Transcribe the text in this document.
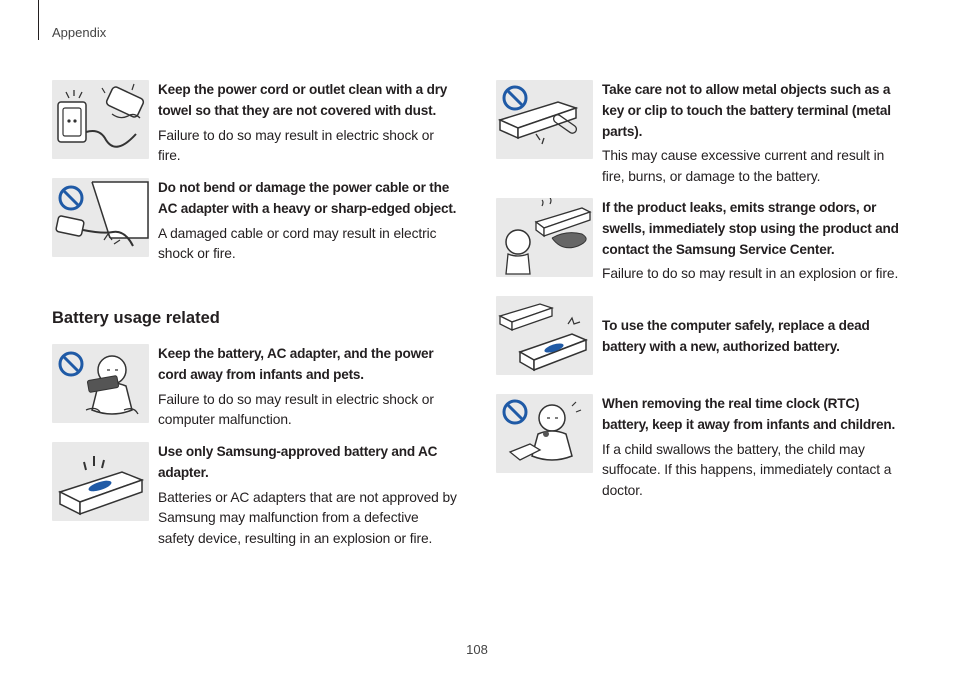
Appendix

Keep the power cord or outlet clean with a dry towel so that they are not covered with dust.

Failure to do so may result in electric shock or fire.

Do not bend or damage the power cable or the AC adapter with a heavy or sharp-edged object.

A damaged cable or cord may result in electric shock or fire.

Battery usage related

Keep the battery, AC adapter, and the power cord away from infants and pets.

Failure to do so may result in electric shock or computer malfunction.

Use only Samsung-approved battery and AC adapter.

Batteries or AC adapters that are not approved by Samsung may malfunction from a defective safety device, resulting in an explosion or fire.

Take care not to allow metal objects such as a key or clip to touch the battery terminal (metal parts).

This may cause excessive current and result in fire, burns, or damage to the battery.

If the product leaks, emits strange odors, or swells, immediately stop using the product and contact the Samsung Service Center.

Failure to do so may result in an explosion or fire.

To use the computer safely, replace a dead battery with a new, authorized battery.

When removing the real time clock (RTC) battery, keep it away from infants and children.

If a child swallows the battery, the child may suffocate. If this happens, immediately contact a doctor.

108
